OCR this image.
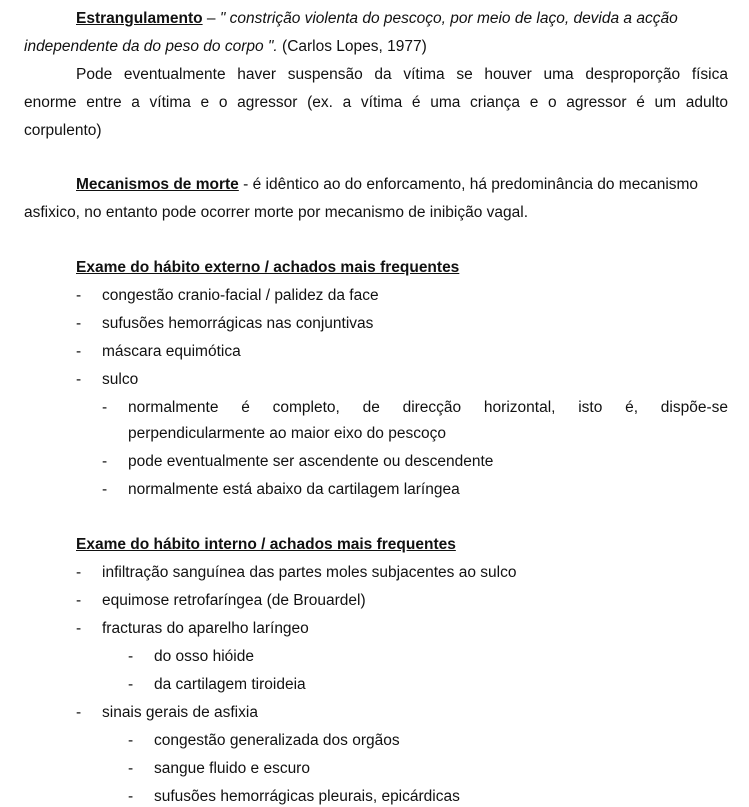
Estrangulamento – " constrição violenta do pescoço, por meio de laço, devida a acção
independente da do peso do corpo ". (Carlos Lopes, 1977)
Pode eventualmente haver suspensão da vítima se houver uma desproporção física
enorme entre a vítima e o agressor (ex. a vítima é uma criança e o agressor é um adulto
corpulento)
Mecanismos de morte - é idêntico ao do enforcamento, há predominância do mecanismo
asfixico, no entanto pode ocorrer morte por mecanismo de inibição vagal.
Exame do hábito externo / achados mais frequentes
- congestão cranio-facial / palidez da face
- sufusões hemorrágicas nas conjuntivas
- máscara equimótica
- sulco
- normalmente é completo, de direcção horizontal, isto é, dispõe-se
perpendicularmente ao maior eixo do pescoço
- pode eventualmente ser ascendente ou descendente
- normalmente está abaixo da cartilagem laríngea
Exame do hábito interno / achados mais frequentes
- infiltração sanguínea das partes moles subjacentes ao sulco
- equimose retrofaríngea (de Brouardel)
- fracturas do aparelho laríngeo
- do osso hióide
- da cartilagem tiroideia
- sinais gerais de asfixia
- congestão generalizada dos orgãos
- sangue fluido e escuro
- sufusões hemorrágicas pleurais, epicárdicas
